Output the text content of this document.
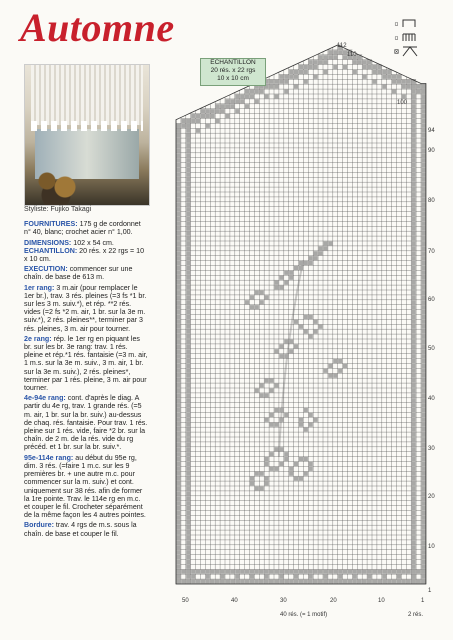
Automne	▫
▫
⊠

Styliste: Fujiko Takagi

FOURNITURES: 175 g de cordonnet n° 40, blanc; crochet acier n° 1,00.

DIMENSIONS: 102 x 54 cm.
ECHANTILLON: 20 rés. x 22 rgs = 10 x 10 cm.

EXECUTION: commencer sur une chaîn. de base de 613 m.

1er rang: 3 m.air (pour remplacer le 1er br.), trav. 3 rés. pleines (=3 fs *1 br. sur les 3 m. suiv.*), et rép. **2 rés. vides (=2 fs *2 m. air, 1 br. sur la 3e m. suiv.*), 2 rés. pleines**, terminer par 3 rés. pleines, 3 m. air pour tourner.

2e rang: rép. le 1er rg en piquant les br. sur les br. 3e rang: trav. 1 rés. pleine et rép.*1 rés. fantaisie (=3 m. air, 1 m.s. sur la 3e m. suiv., 3 m. air, 1 br. sur la 3e m. suiv.), 2 rés. pleines*, terminer par 1 rés. pleine, 3 m. air pour tourner.

4e-94e rang: cont. d'après le diag. A partir du 4e rg, trav. 1 grande rés. (=5 m. air, 1 br. sur la br. suiv.) au-dessus de chaq. rés. fantaisie. Pour trav. 1 rés. pleine sur 1 rés. vide, faire *2 br. sur la chaîn. de 2 m. de la rés. vide du rg précéd. et 1 br. sur la br. suiv.*.

95e-114e rang: au début du 95e rg, dim. 3 rés. (=faire 1 m.c. sur les 9 premières br. + une autre m.c. pour commencer sur la m. suiv.) et cont. uniquement sur 38 rés. afin de former la 1re pointe. Trav. le 114e rg en m.c. et couper le fil. Crocheter séparément de la même façon les 4 autres pointes.

Bordure: trav. 4 rgs de m.s. sous la chaîn. de base et couper le fil.

ECHANTILLON
20 rés. x 22 rgs
10 x 10 cm
94
90
80
70
60
50
40
30
20
10
1
112
110
100
50	40	30	20	10	1
40 rés. (= 1 motif)	2 rés.
